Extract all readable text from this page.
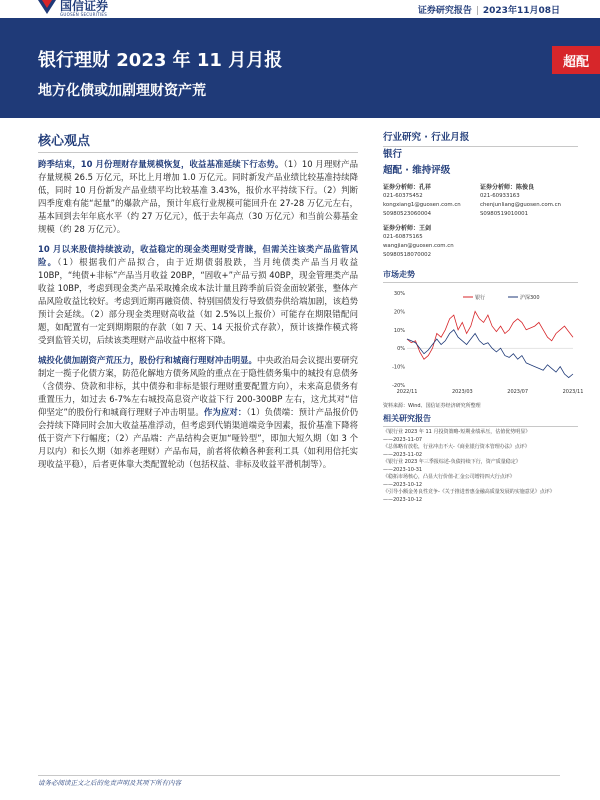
国信证券
GUOSEN SECURITIES	证券研究报告 | 2023年11月08日
银行理财 2023 年 11 月月报
地方化债或加剧理财资产荒
超配
核心观点

跨季结束，10 月份理财存量规模恢复，收益基准延续下行态势。（1）10 月理财产品存量规模 26.5 万亿元，环比上月增加 1.0 万亿元。同时新发产品业绩比较基准持续降低，同时 10 月份新发产品业绩平均比较基准 3.43%，报价水平持续下行。（2）判断四季度难有能“起量”的爆款产品，预计年底行业规模可能回升在 27-28 万亿元左右，基本回到去年年底水平（约 27 万亿元），低于去年高点（30 万亿元）和当前公募基金规模（约 28 万亿元）。

10 月以来股债持续波动，收益稳定的现金类理财受青睐，但需关注该类产品监管风险。（1）根据我们产品拟合，由于近期债弱股跌，当月纯债类产品当月收益 10BP，“纯债+非标”产品当月收益 20BP，“固收+”产品亏损 40BP，现金管理类产品收益 10BP，考虑到现金类产品采取摊余成本法计量且跨季前后资金面较紧张，整体产品风险收益比较好。考虑到近期再融资债、特别国债发行导致债券供给端加剧，该趋势预计会延续。（2）部分现金类理财高收益（如 2.5%以上报价）可能存在期限错配问题，如配置有一定到期期限的存款（如 7 天、14 天报价式存款），预计该操作模式将受到监管关切，后续该类理财产品收益中枢将下降。

城投化债加剧资产荒压力，股份行和城商行理财冲击明显。中央政治局会议提出要研究制定一揽子化债方案，防范化解地方债务风险的重点在于隐性债务集中的城投有息债务（含债券、贷款和非标，其中债券和非标是银行理财重要配置方向），未来高息债务有重置压力，如过去 6-7%左右城投高息资产收益下行 200-300BP 左右，这尤其对“信仰坚定”的股份行和城商行理财子冲击明显。作为应对：（1）负债端：预计产品报价仍会持续下降同时会加大收益基准浮动，但考虑到代销渠道端竞争因素，报价基准下降将低于资产下行幅度；（2）产品端：产品结构会更加“哑铃型”，即加大短久期（如 3 个月以内）和长久期（如养老理财）产品布局，前者将依赖各种套利工具（如利用信托实现收益平稳），后者更体靠大类配置轮动（包括权益、非标及收益平滑机制等）。

行业研究 · 行业月报
银行
超配 · 维持评级
证券分析师：孔祥
021-60375452
kongxiang1@guosen.com.cn
S0980523060004
证券分析师：陈俊良
021-60933163
chenjunliang@guosen.com.cn
S0980519010001
证券分析师：王剑
021-60875165
wangjian@guosen.com.cn
S0980518070002
市场走势
30%
20%
10%
0%
-10%
-20%
2022/11	2023/03	2023/07	2023/11
银行	沪深300
资料来源：Wind、国信证券经济研究所整理
相关研究报告
《银行业 2023 年 11 月投资策略-短期业绩承压，估值优势明显》
——2023-11-07
《总体略有放松，行业冲击不大-《商业银行资本管理办法》点评》
——2023-11-02
《银行业 2023 年三季报综述-负债持续下行，资产质量稳定》
——2023-10-31
《稳拓市场核心，凸显大行价值-汇金公司增持四大行点评》
——2023-10-12
《引导小额金务良性竞争-《关于推进普惠金融高质量发展的实施意见》点评》
——2023-10-12
请务必阅读正文之后的免责声明及其项下所有内容
